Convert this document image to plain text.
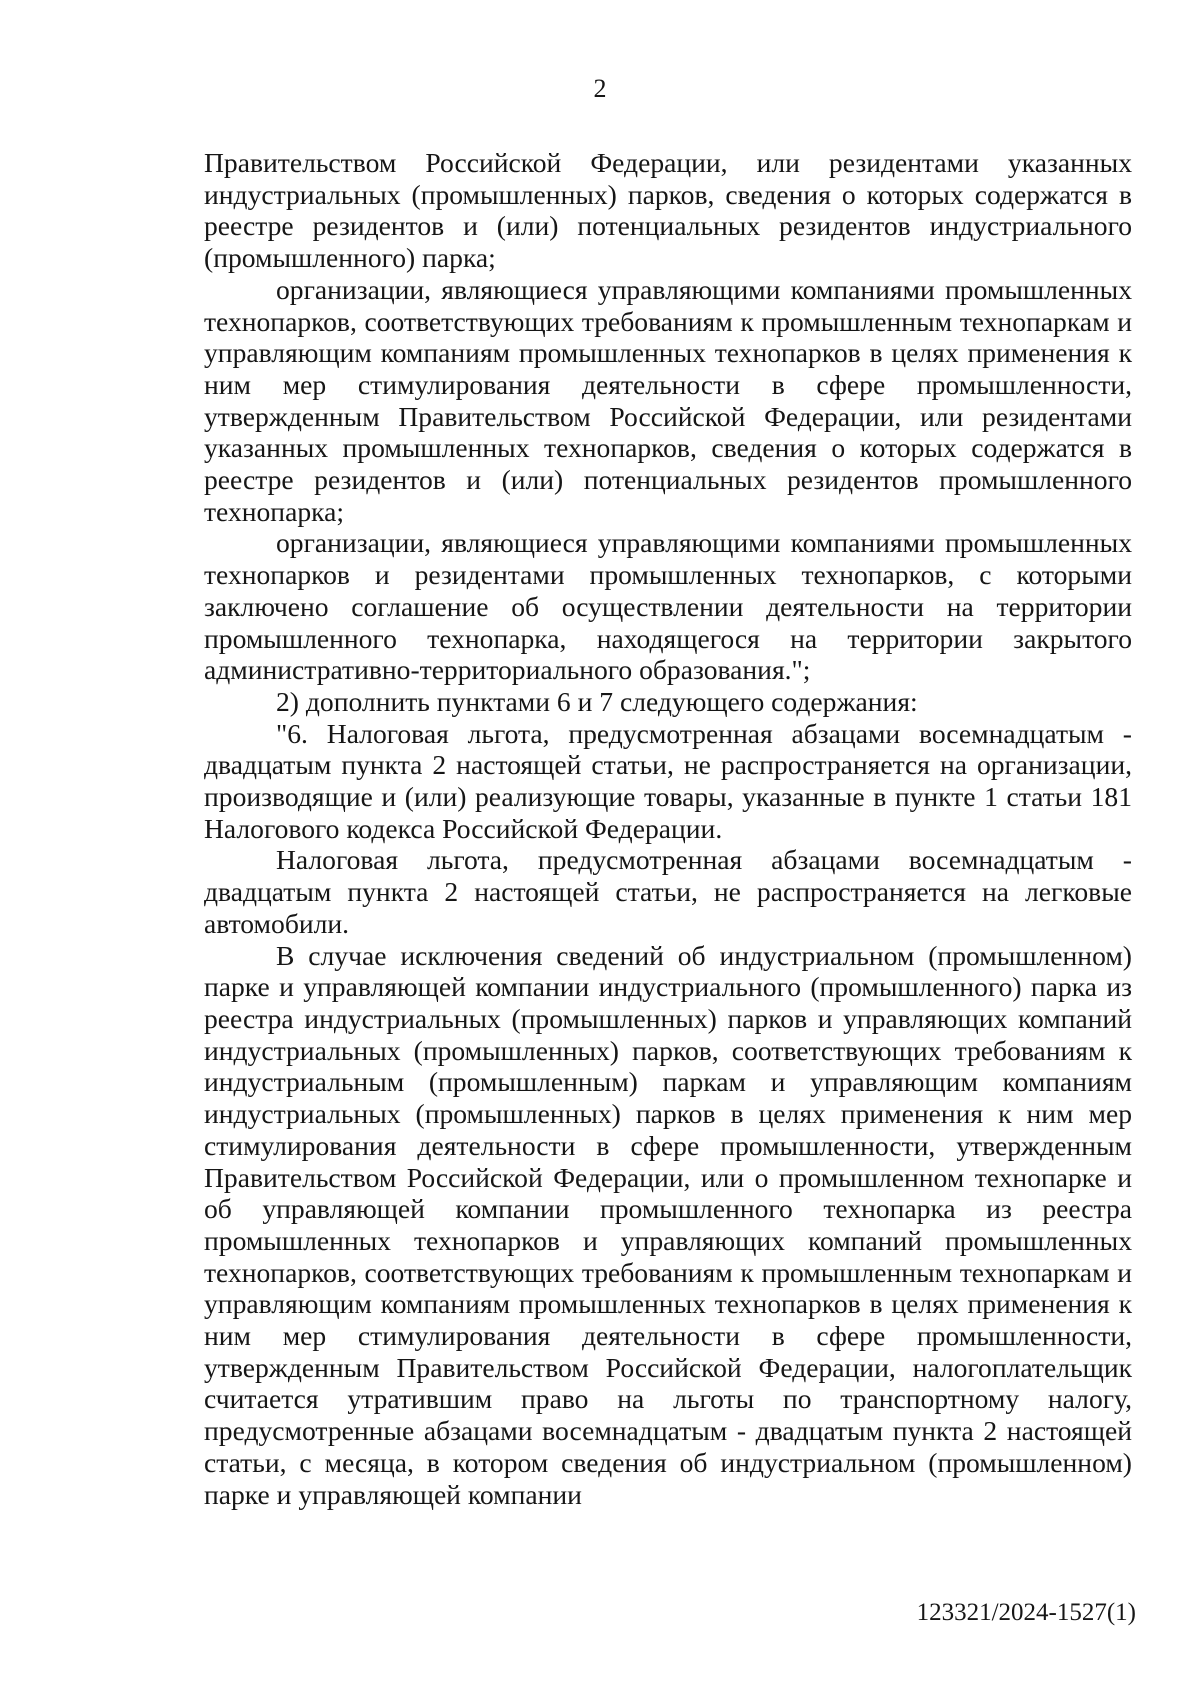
2

Правительством Российской Федерации, или резидентами указанных индустриальных (промышленных) парков, сведения о которых содержатся в реестре резидентов и (или) потенциальных резидентов индустриального (промышленного) парка;

организации, являющиеся управляющими компаниями промышленных технопарков, соответствующих требованиям к промышленным технопаркам и управляющим компаниям промышленных технопарков в целях применения к ним мер стимулирования деятельности в сфере промышленности, утвержденным Правительством Российской Федерации, или резидентами указанных промышленных технопарков, сведения о которых содержатся в реестре резидентов и (или) потенциальных резидентов промышленного технопарка;

организации, являющиеся управляющими компаниями промышленных технопарков и резидентами промышленных технопарков, с которыми заключено соглашение об осуществлении деятельности на территории промышленного технопарка, находящегося на территории закрытого административно-территориального образования.";

2) дополнить пунктами 6 и 7 следующего содержания:

"6. Налоговая льгота, предусмотренная абзацами восемнадцатым - двадцатым пункта 2 настоящей статьи, не распространяется на организации, производящие и (или) реализующие товары, указанные в пункте 1 статьи 181 Налогового кодекса Российской Федерации.

Налоговая льгота, предусмотренная абзацами восемнадцатым - двадцатым пункта 2 настоящей статьи, не распространяется на легковые автомобили.

В случае исключения сведений об индустриальном (промышленном) парке и управляющей компании индустриального (промышленного) парка из реестра индустриальных (промышленных) парков и управляющих компаний индустриальных (промышленных) парков, соответствующих требованиям к индустриальным (промышленным) паркам и управляющим компаниям индустриальных (промышленных) парков в целях применения к ним мер стимулирования деятельности в сфере промышленности, утвержденным Правительством Российской Федерации, или о промышленном технопарке и об управляющей компании промышленного технопарка из реестра промышленных технопарков и управляющих компаний промышленных технопарков, соответствующих требованиям к промышленным технопаркам и управляющим компаниям промышленных технопарков в целях применения к ним мер стимулирования деятельности в сфере промышленности, утвержденным Правительством Российской Федерации, налогоплательщик считается утратившим право на льготы по транспортному налогу, предусмотренные абзацами восемнадцатым - двадцатым пункта 2 настоящей статьи, с месяца, в котором сведения об индустриальном (промышленном) парке и управляющей компании

123321/2024-1527(1)
